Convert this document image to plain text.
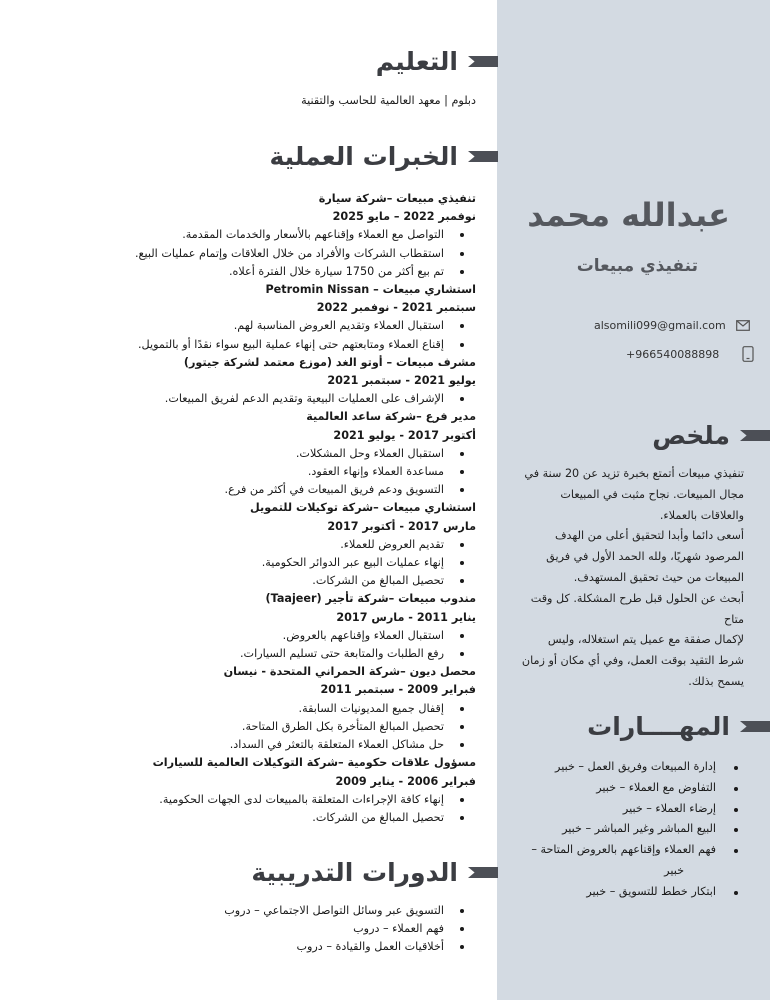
التعليم
دبلوم | معهد العالمية للحاسب والتقنية
الخبرات العملية
تنفيذي مبيعات –شركة سيارة
نوفمبر 2022 – مايو 2025
التواصل مع العملاء وإقناعهم بالأسعار والخدمات المقدمة.
استقطاب الشركات والأفراد من خلال العلاقات وإتمام عمليات البيع.
تم بيع أكثر من 1750 سيارة خلال الفترة أعلاه.
استشاري مبيعات – Petromin Nissan
سبتمبر 2021 - نوفمبر 2022
استقبال العملاء وتقديم العروض المناسبة لهم.
إقناع العملاء ومتابعتهم حتى إنهاء عملية البيع سواء نقدًا أو بالتمويل.
مشرف مبيعات – أوتو الغد (موزع معتمد لشركة جيتور)
يوليو 2021 - سبتمبر 2021
الإشراف على العمليات البيعية وتقديم الدعم لفريق المبيعات.
مدير فرع –شركة ساعد العالمية
أكتوبر 2017 - يوليو 2021
استقبال العملاء وحل المشكلات.
مساعدة العملاء وإنهاء العقود.
التسويق ودعم فريق المبيعات في أكثر من فرع.
استشاري مبيعات –شركة توكيلات للتمويل
مارس 2017 - أكتوبر 2017
تقديم العروض للعملاء.
إنهاء عمليات البيع عبر الدوائر الحكومية.
تحصيل المبالغ من الشركات.
مندوب مبيعات –شركة تأجير (Taajeer)
يناير 2011 - مارس 2017
استقبال العملاء وإقناعهم بالعروض.
رفع الطلبات والمتابعة حتى تسليم السيارات.
محصل ديون –شركة الحمراني المتحدة - نيسان
فبراير 2009 - سبتمبر 2011
إقفال جميع المديونيات السابقة.
تحصيل المبالغ المتأخرة بكل الطرق المتاحة.
حل مشاكل العملاء المتعلقة بالتعثر في السداد.
مسؤول علاقات حكومية –شركة التوكيلات العالمية للسيارات
فبراير 2006 - يناير 2009
إنهاء كافة الإجراءات المتعلقة بالمبيعات لدى الجهات الحكومية.
تحصيل المبالغ من الشركات.
الدورات التدريبية
التسويق عبر وسائل التواصل الاجتماعي – دروب
فهم العملاء – دروب
أخلاقيات العمل والقيادة – دروب
عبدالله محمد
تنفيذي مبيعات
alsomili099@gmail.com
+966540088898
ملخص
تنفيذي مبيعات أتمتع بخبرة تزيد عن 20 سنة في
مجال المبيعات. نجاح مثبت في المبيعات
والعلاقات بالعملاء.
أسعى دائما وأبدا لتحقيق أعلى من الهدف
المرصود شهريًا، ولله الحمد الأول في فريق
المبيعات من حيث تحقيق المستهدف.
أبحث عن الحلول قبل طرح المشكلة. كل وقت متاح
لإكمال صفقة مع عميل يتم استغلاله، وليس
شرط التقيد بوقت العمل، وفي أي مكان أو زمان
يسمح بذلك.
المهــــارات
إدارة المبيعات وفريق العمل – خبير
التفاوض مع العملاء – خبير
إرضاء العملاء – خبير
البيع المباشر وغير المباشر – خبير
فهم العملاء وإقناعهم بالعروض المتاحة –
خبير
ابتكار خطط للتسويق – خبير
